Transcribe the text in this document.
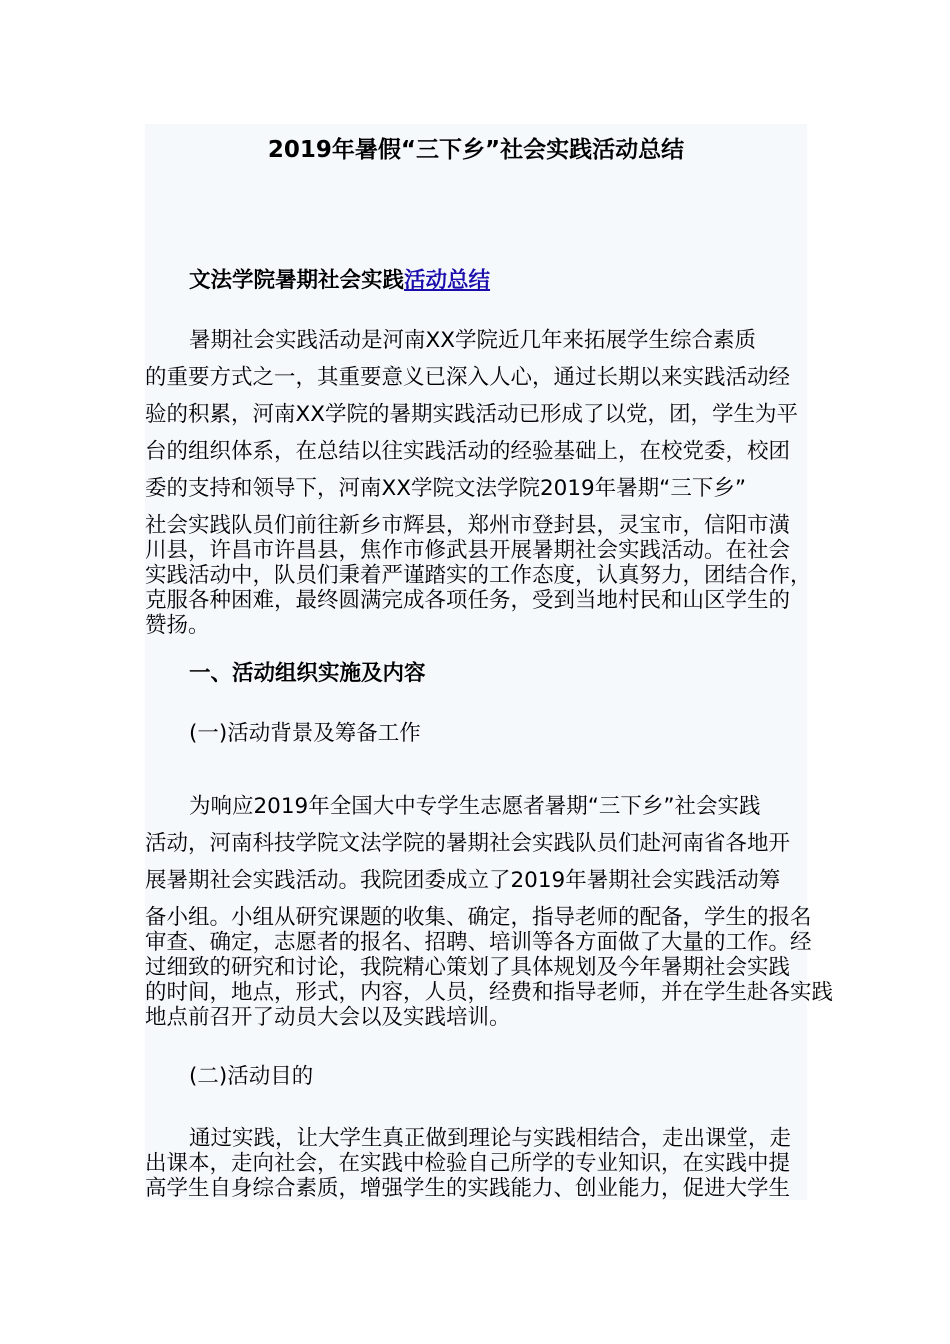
2019年暑假“三下乡”社会实践活动总结

文法学院暑期社会实践活动总结

暑期社会实践活动是河南XX学院近几年来拓展学生综合素质

的重要方式之一，其重要意义已深入人心，通过长期以来实践活动经

验的积累，河南XX学院的暑期实践活动已形成了以党，团，学生为平

台的组织体系，在总结以往实践活动的经验基础上，在校党委，校团

委的支持和领导下，河南XX学院文法学院2019年暑期“三下乡”

社会实践队员们前往新乡市辉县，郑州市登封县，灵宝市，信阳市潢

川县，许昌市许昌县，焦作市修武县开展暑期社会实践活动。在社会

实践活动中，队员们秉着严谨踏实的工作态度，认真努力，团结合作，

克服各种困难，最终圆满完成各项任务，受到当地村民和山区学生的

赞扬。

一、活动组织实施及内容

(一)活动背景及筹备工作

为响应2019年全国大中专学生志愿者暑期“三下乡”社会实践

活动，河南科技学院文法学院的暑期社会实践队员们赴河南省各地开

展暑期社会实践活动。我院团委成立了2019年暑期社会实践活动筹

备小组。小组从研究课题的收集、确定，指导老师的配备，学生的报名

审查、确定，志愿者的报名、招聘、培训等各方面做了大量的工作。经

过细致的研究和讨论，我院精心策划了具体规划及今年暑期社会实践

的时间，地点，形式，内容，人员，经费和指导老师，并在学生赴各实践

地点前召开了动员大会以及实践培训。

(二)活动目的

通过实践，让大学生真正做到理论与实践相结合，走出课堂，走

出课本，走向社会，在实践中检验自己所学的专业知识，在实践中提

高学生自身综合素质，增强学生的实践能力、创业能力，促进大学生
